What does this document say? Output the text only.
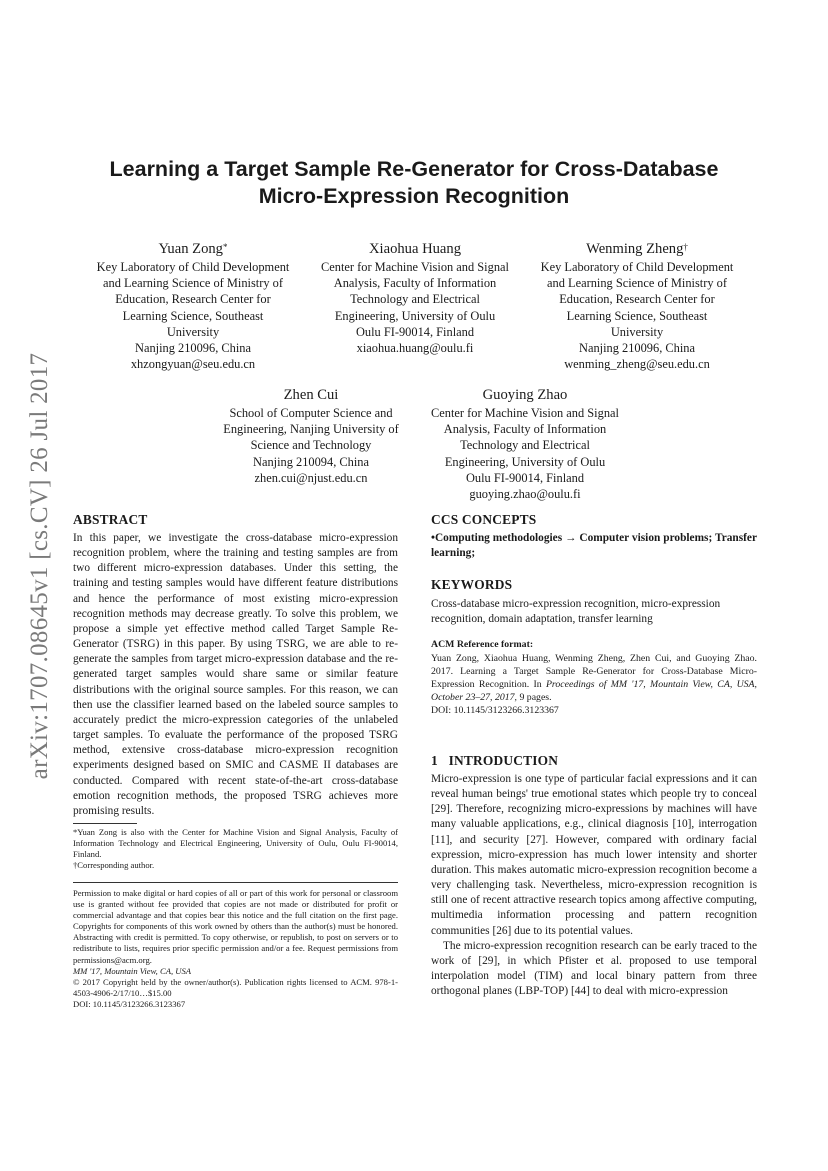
arXiv:1707.08645v1 [cs.CV] 26 Jul 2017
Learning a Target Sample Re-Generator for Cross-Database
Micro-Expression Recognition
Yuan Zong*
Key Laboratory of Child Development
and Learning Science of Ministry of
Education, Research Center for
Learning Science, Southeast
University
Nanjing 210096, China
xhzongyuan@seu.edu.cn
Xiaohua Huang
Center for Machine Vision and Signal
Analysis, Faculty of Information
Technology and Electrical
Engineering, University of Oulu
Oulu FI-90014, Finland
xiaohua.huang@oulu.fi
Wenming Zheng†
Key Laboratory of Child Development
and Learning Science of Ministry of
Education, Research Center for
Learning Science, Southeast
University
Nanjing 210096, China
wenming_zheng@seu.edu.cn
Zhen Cui
School of Computer Science and
Engineering, Nanjing University of
Science and Technology
Nanjing 210094, China
zhen.cui@njust.edu.cn
Guoying Zhao
Center for Machine Vision and Signal
Analysis, Faculty of Information
Technology and Electrical
Engineering, University of Oulu
Oulu FI-90014, Finland
guoying.zhao@oulu.fi
ABSTRACT

In this paper, we investigate the cross-database micro-expression recognition problem, where the training and testing samples are from two different micro-expression databases. Under this setting, the training and testing samples would have different feature distributions and hence the performance of most existing micro-expression recognition methods may decrease greatly. To solve this problem, we propose a simple yet effective method called Target Sample Re-Generator (TSRG) in this paper. By using TSRG, we are able to re-generate the samples from target micro-expression database and the re-generated target samples would share same or similar feature distributions with the original source samples. For this reason, we can then use the classifier learned based on the labeled source samples to accurately predict the micro-expression categories of the unlabeled target samples. To evaluate the performance of the proposed TSRG method, extensive cross-database micro-expression recognition experiments designed based on SMIC and CASME II databases are conducted. Compared with recent state-of-the-art cross-database emotion recognition methods, the proposed TSRG achieves more promising results.

*Yuan Zong is also with the Center for Machine Vision and Signal Analysis, Faculty of Information Technology and Electrical Engineering, University of Oulu, Oulu FI-90014, Finland.

†Corresponding author.

Permission to make digital or hard copies of all or part of this work for personal or classroom use is granted without fee provided that copies are not made or distributed for profit or commercial advantage and that copies bear this notice and the full citation on the first page. Copyrights for components of this work owned by others than the author(s) must be honored. Abstracting with credit is permitted. To copy otherwise, or republish, to post on servers or to redistribute to lists, requires prior specific permission and/or a fee. Request permissions from permissions@acm.org.

MM '17, Mountain View, CA, USA

© 2017 Copyright held by the owner/author(s). Publication rights licensed to ACM. 978-1-4503-4906-2/17/10…$15.00

DOI: 10.1145/3123266.3123367

CCS CONCEPTS

•Computing methodologies → Computer vision problems; Transfer learning;

KEYWORDS

Cross-database micro-expression recognition, micro-expression recognition, domain adaptation, transfer learning

ACM Reference format:

Yuan Zong, Xiaohua Huang, Wenming Zheng, Zhen Cui, and Guoying Zhao. 2017. Learning a Target Sample Re-Generator for Cross-Database Micro-Expression Recognition. In Proceedings of MM '17, Mountain View, CA, USA, October 23–27, 2017, 9 pages.

DOI: 10.1145/3123266.3123367

1 INTRODUCTION

Micro-expression is one type of particular facial expressions and it can reveal human beings' true emotional states which people try to conceal [29]. Therefore, recognizing micro-expressions by machines will have many valuable applications, e.g., clinical diagnosis [10], interrogation [11], and security [27]. However, compared with ordinary facial expression, micro-expression has much lower intensity and shorter duration. This makes automatic micro-expression recognition become a very challenging task. Nevertheless, micro-expression recognition is still one of recent attractive research topics among affective computing, multimedia information processing and pattern recognition communities [26] due to its potential values.

The micro-expression recognition research can be early traced to the work of [29], in which Pfister et al. proposed to use temporal interpolation model (TIM) and local binary pattern from three orthogonal planes (LBP-TOP) [44] to deal with micro-expression
